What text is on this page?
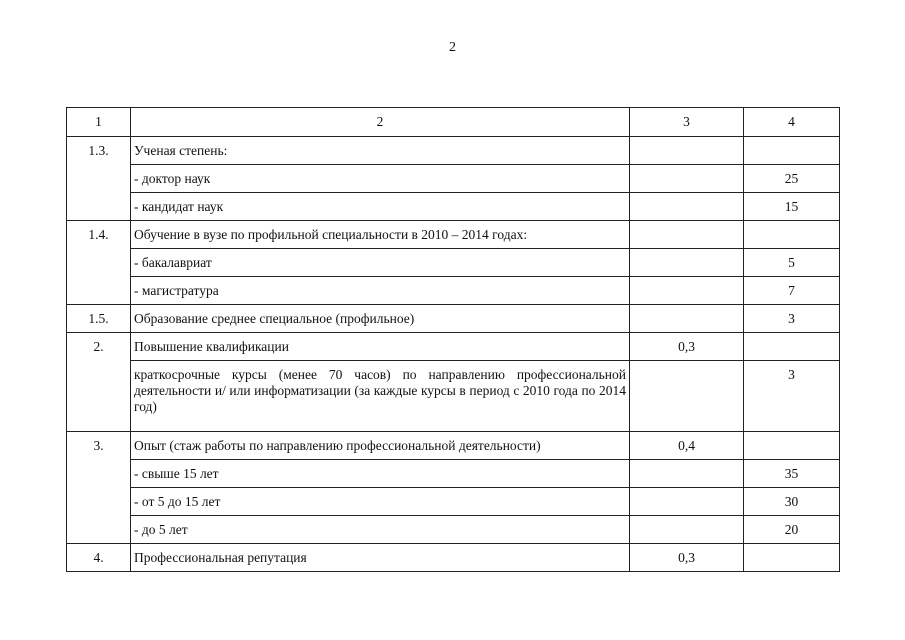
2
1	2	3	4
1.3.	Ученая степень:		
	- доктор наук		25
	- кандидат наук		15
1.4.	Обучение в вузе по профильной специальности в 2010 – 2014 годах:		
	- бакалавриат		5
	- магистратура		7
1.5.	Образование среднее специальное (профильное)		3
2.	Повышение квалификации	0,3	
	краткосрочные курсы (менее 70 часов) по направлению профессиональной деятельности и/ или информатизации (за каждые курсы в период с 2010 года по 2014 год)		3
3.	Опыт (стаж работы по направлению профессиональной деятельности)	0,4	
	- свыше 15 лет		35
	- от 5 до 15 лет		30
	- до 5 лет		20
4.	Профессиональная репутация	0,3	
